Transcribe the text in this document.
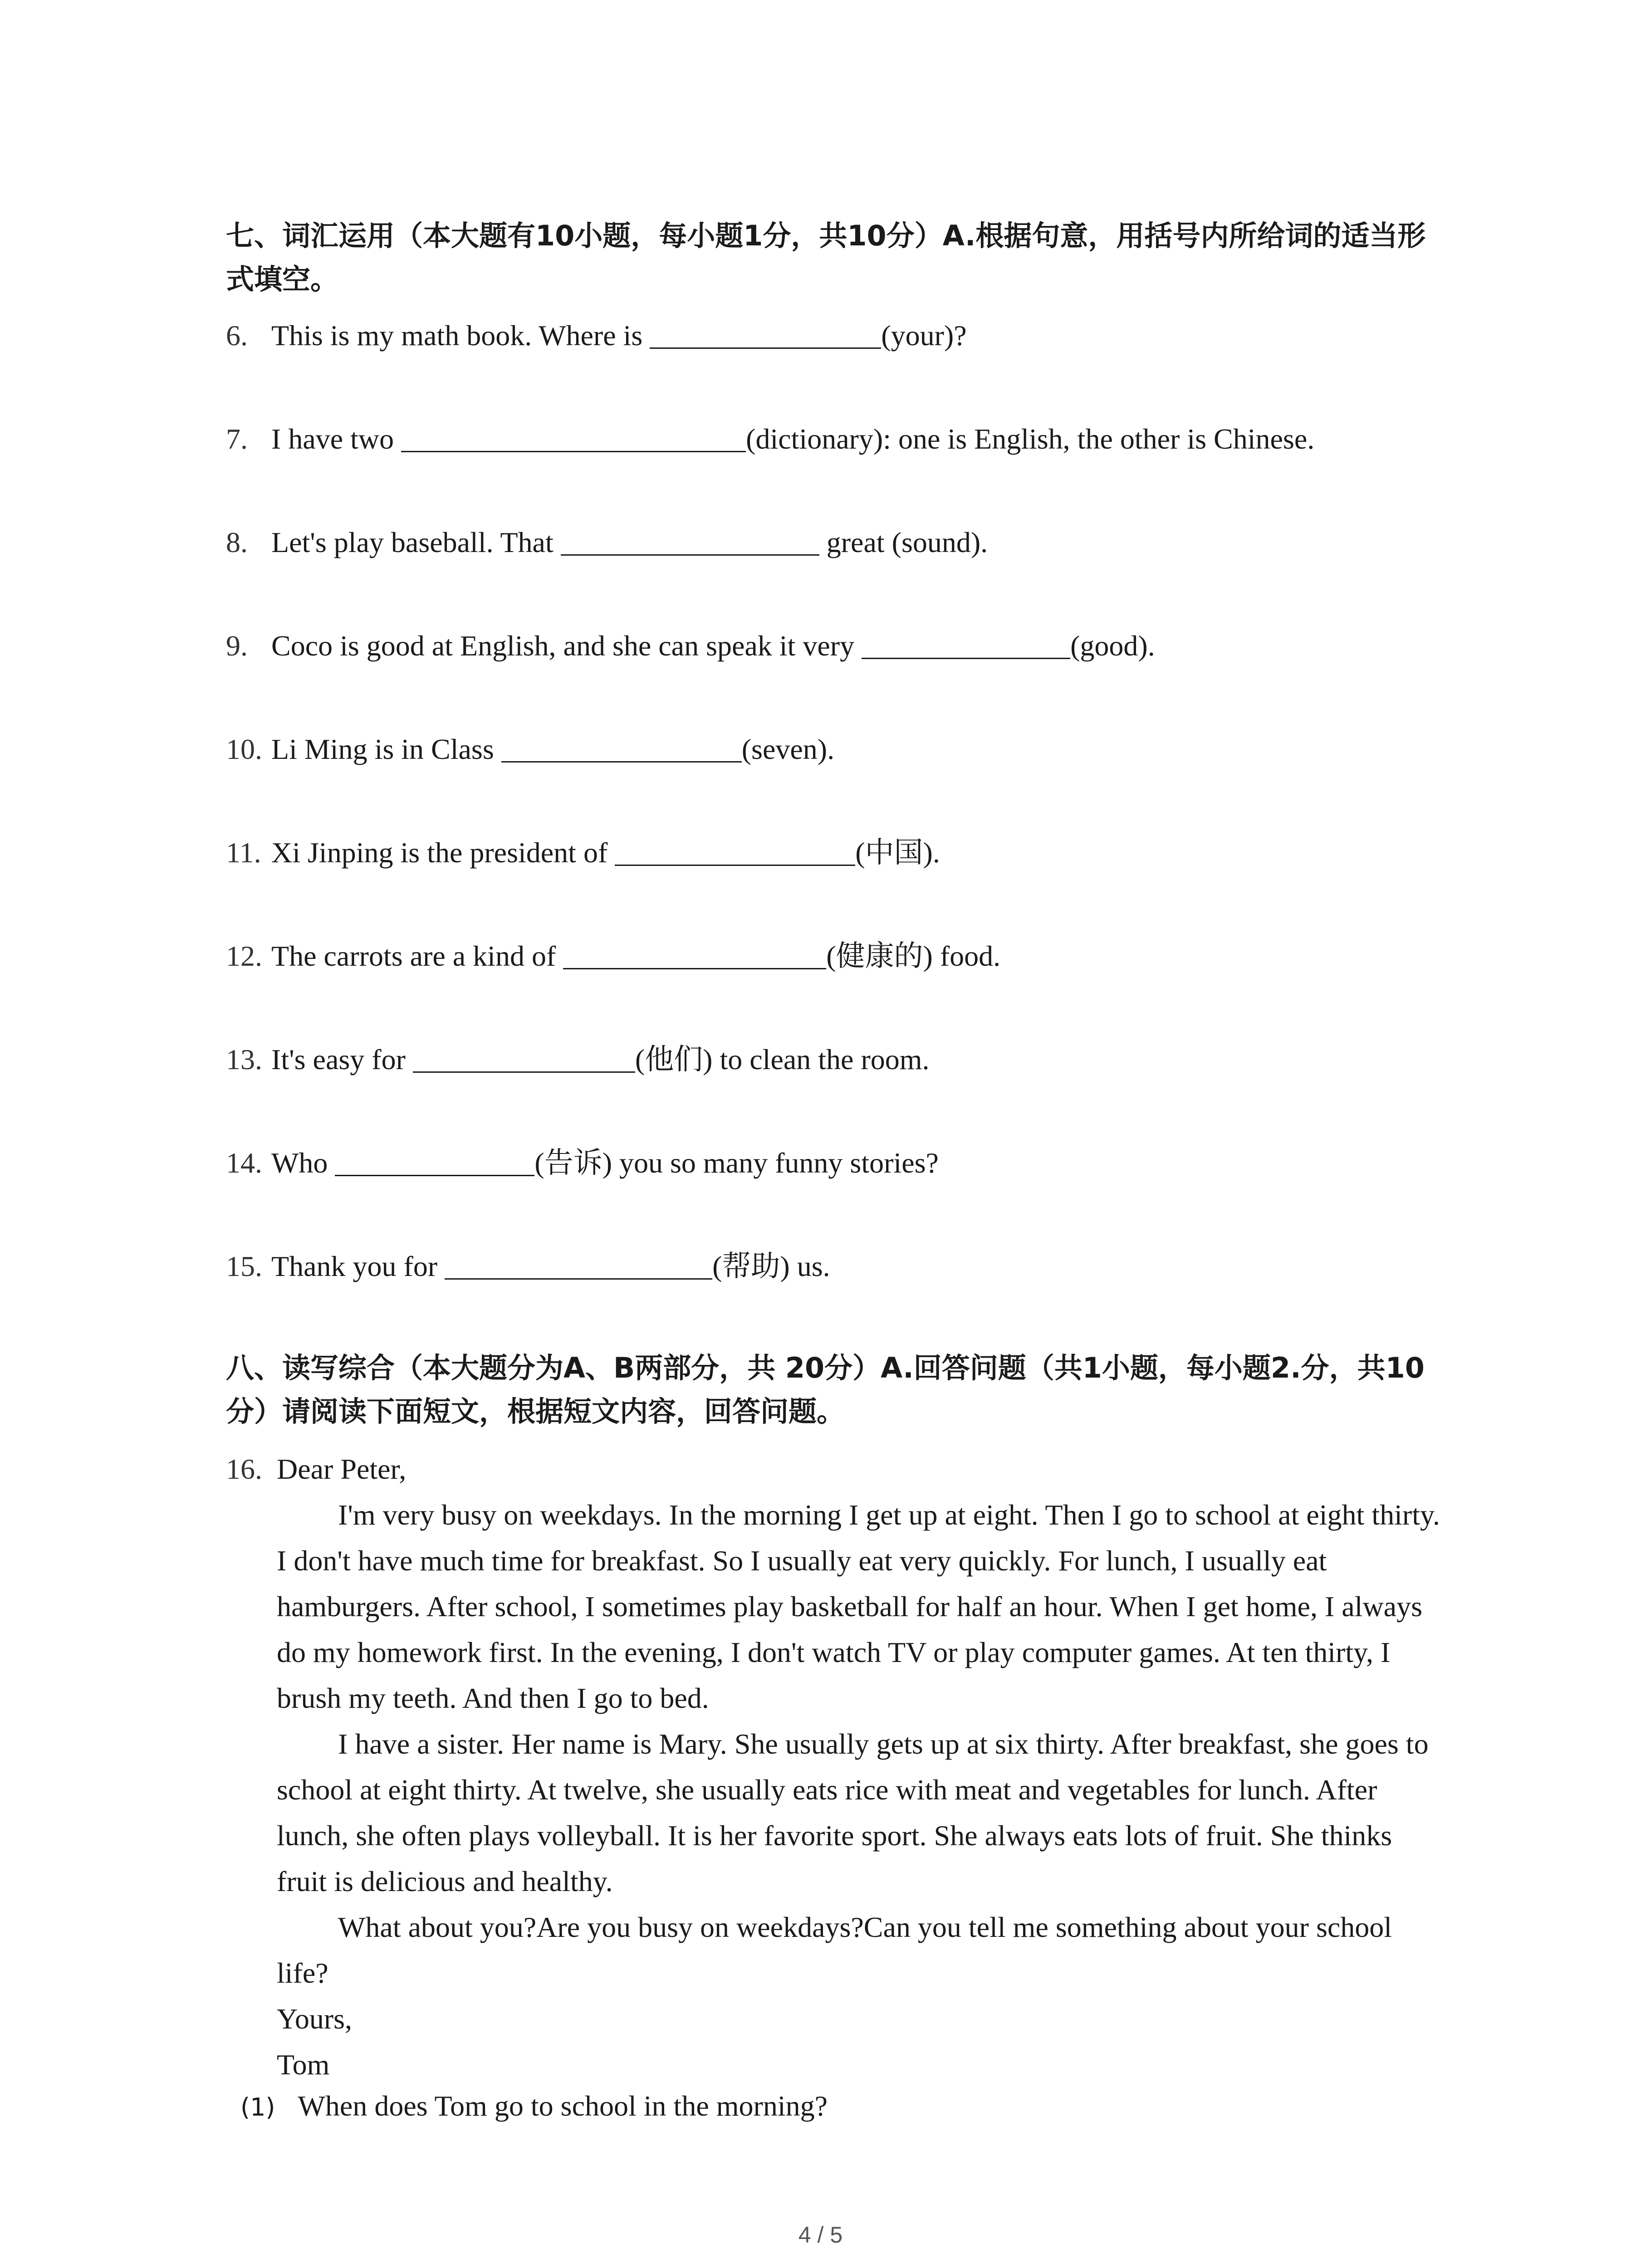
七、词汇运用（本大题有10小题，每小题1分，共10分）A.根据句意，用括号内所给词的适当形式填空。
6. This is my math book. Where is	(your)?
7. I have two	(dictionary): one is English, the other is Chinese.
8. Let's play baseball. That	great (sound).
9. Coco is good at English, and she can speak it very	(good).
10. Li Ming is in Class	(seven).
11. Xi Jinping is the president of	(中国).
12. The carrots are a kind of	(健康的) food.
13. It's easy for	(他们) to clean the room.
14. Who	(告诉) you so many funny stories?
15. Thank you for	(帮助) us.
八、读写综合（本大题分为A、B两部分，共 20分）A.回答问题（共1小题，每小题2.分，共10分）请阅读下面短文，根据短文内容，回答问题。
16. Dear Peter,

I'm very busy on weekdays. In the morning I get up at eight. Then I go to school at eight thirty. I don't have much time for breakfast. So I usually eat very quickly. For lunch, I usually eat hamburgers. After school, I sometimes play basketball for half an hour. When I get home, I always do my homework first. In the evening, I don't watch TV or play computer games. At ten thirty, I brush my teeth. And then I go to bed.

I have a sister. Her name is Mary. She usually gets up at six thirty. After breakfast, she goes to school at eight thirty. At twelve, she usually eats rice with meat and vegetables for lunch. After lunch, she often plays volleyball. It is her favorite sport. She always eats lots of fruit. She thinks fruit is delicious and healthy.

What about you?Are you busy on weekdays?Can you tell me something about your school life?

Yours,

Tom

(1) When does Tom go to school in the morning?
4 / 5
